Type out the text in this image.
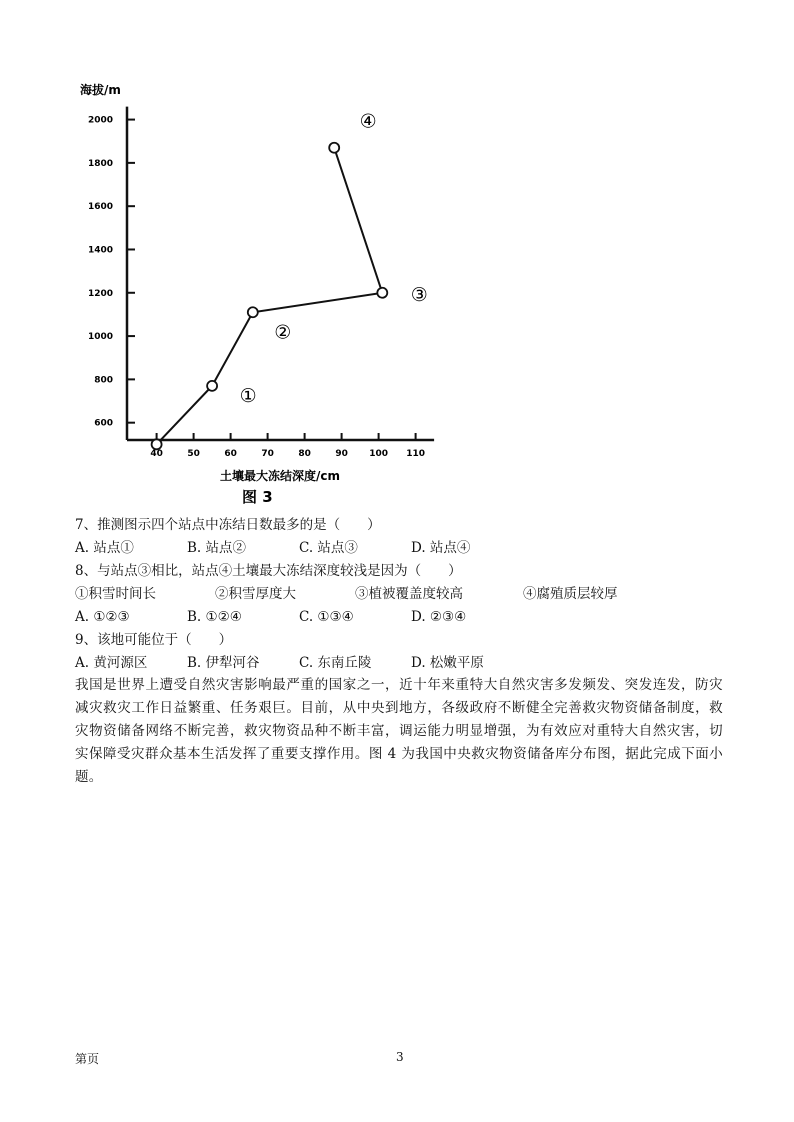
海拔/m
600
800
1000
1200
1400
1600
1800
2000
40	50	60	70	80	90 100 110
①
②
③
④
土壤最大冻结深度/cm
图 3
7、推测图示四个站点中冻结日数最多的是（　　）
A. 站点①	B. 站点②	C. 站点③	D. 站点④
8、与站点③相比，站点④土壤最大冻结深度较浅是因为（　　）
①积雪时间长	②积雪厚度大	③植被覆盖度较高	④腐殖质层较厚
A. ①②③	B. ①②④	C. ①③④	D. ②③④
9、该地可能位于（　　）
A. 黄河源区	B. 伊犁河谷	C. 东南丘陵	D. 松嫩平原
我国是世界上遭受自然灾害影响最严重的国家之一，近十年来重特大自然灾害多发频发、突发连发，防灾减灾救灾工作日益繁重、任务艰巨。目前，从中央到地方，各级政府不断健全完善救灾物资储备制度，救灾物资储备网络不断完善，救灾物资品种不断丰富，调运能力明显增强，为有效应对重特大自然灾害，切实保障受灾群众基本生活发挥了重要支撑作用。图 4 为我国中央救灾物资储备库分布图，据此完成下面小题。
第页	3
